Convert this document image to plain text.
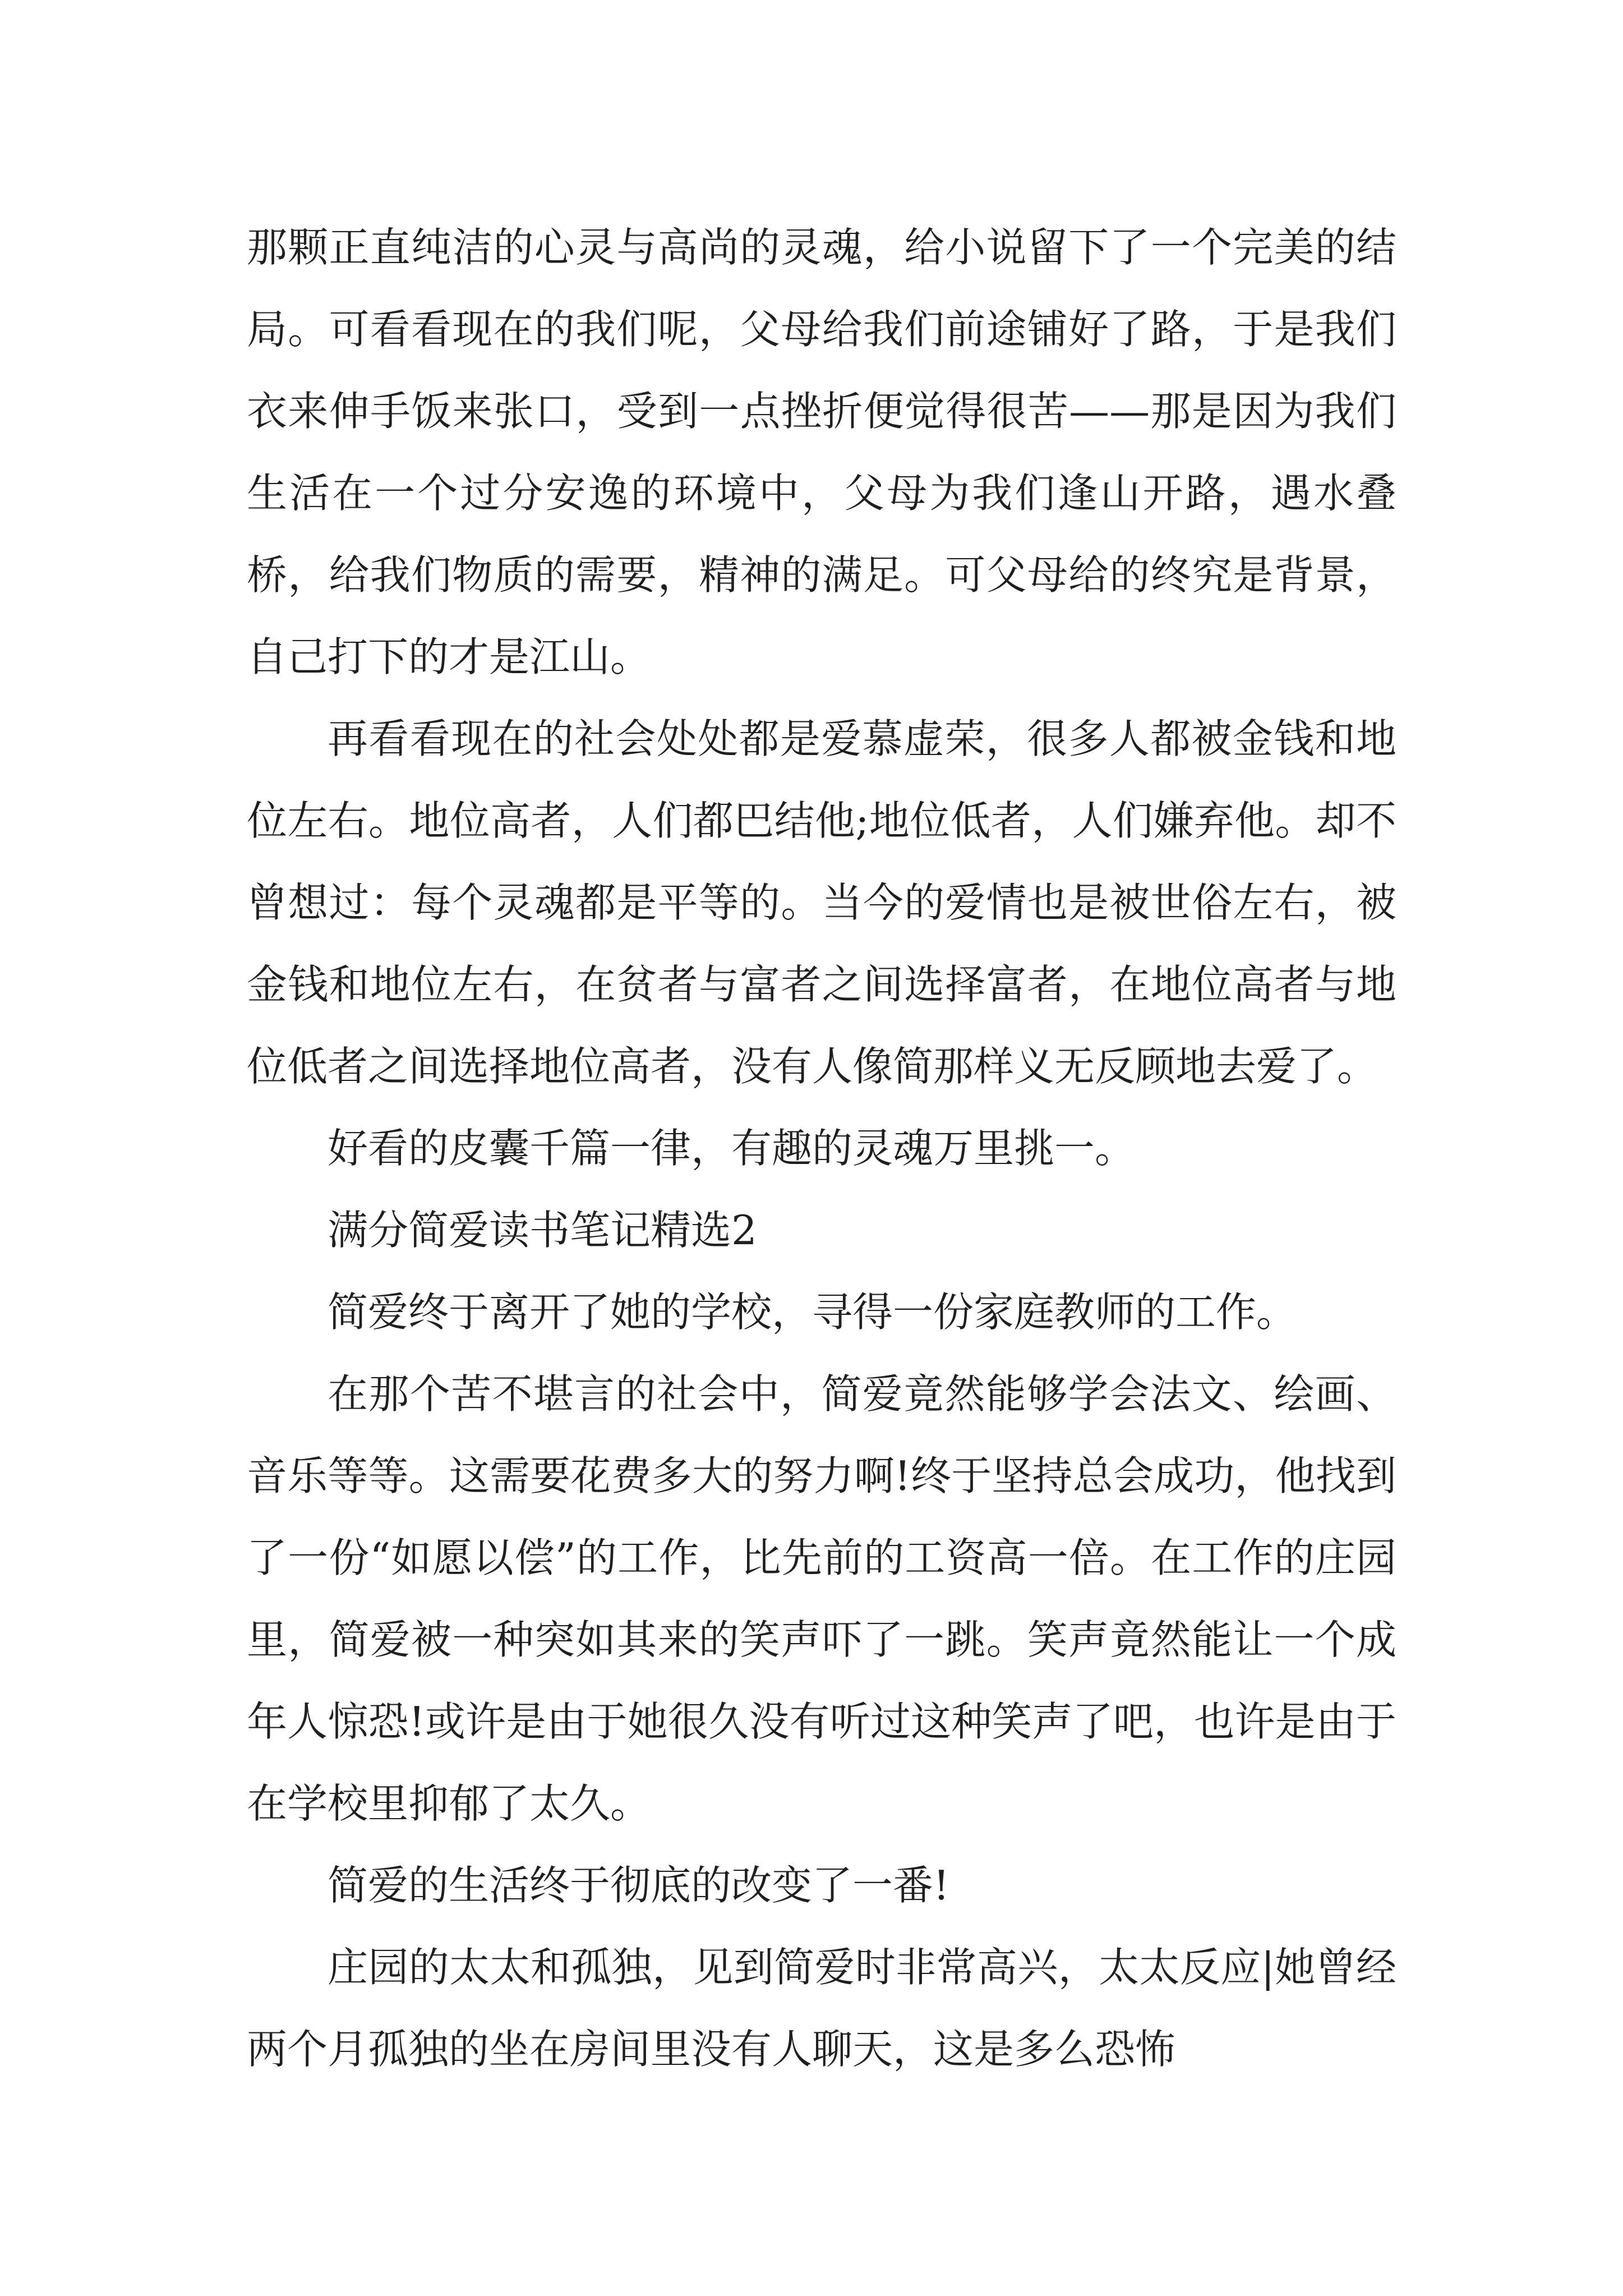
那颗正直纯洁的心灵与高尚的灵魂，给小说留下了一个完美的结局。可看看现在的我们呢，父母给我们前途铺好了路，于是我们衣来伸手饭来张口，受到一点挫折便觉得很苦——那是因为我们生活在一个过分安逸的环境中，父母为我们逢山开路，遇水叠桥，给我们物质的需要，精神的满足。可父母给的终究是背景，自己打下的才是江山。

再看看现在的社会处处都是爱慕虚荣，很多人都被金钱和地位左右。地位高者，人们都巴结他;地位低者，人们嫌弃他。却不曾想过：每个灵魂都是平等的。当今的爱情也是被世俗左右，被金钱和地位左右，在贫者与富者之间选择富者，在地位高者与地位低者之间选择地位高者，没有人像简那样义无反顾地去爱了。

好看的皮囊千篇一律，有趣的灵魂万里挑一。

满分简爱读书笔记精选2

简爱终于离开了她的学校，寻得一份家庭教师的工作。

在那个苦不堪言的社会中，简爱竟然能够学会法文、绘画、音乐等等。这需要花费多大的努力啊!终于坚持总会成功，他找到了一份“如愿以偿”的工作，比先前的工资高一倍。在工作的庄园里，简爱被一种突如其来的笑声吓了一跳。笑声竟然能让一个成年人惊恐!或许是由于她很久没有听过这种笑声了吧，也许是由于在学校里抑郁了太久。

简爱的生活终于彻底的改变了一番!

庄园的太太和孤独，见到简爱时非常高兴，太太反应|她曾经两个月孤独的坐在房间里没有人聊天，这是多么恐怖
